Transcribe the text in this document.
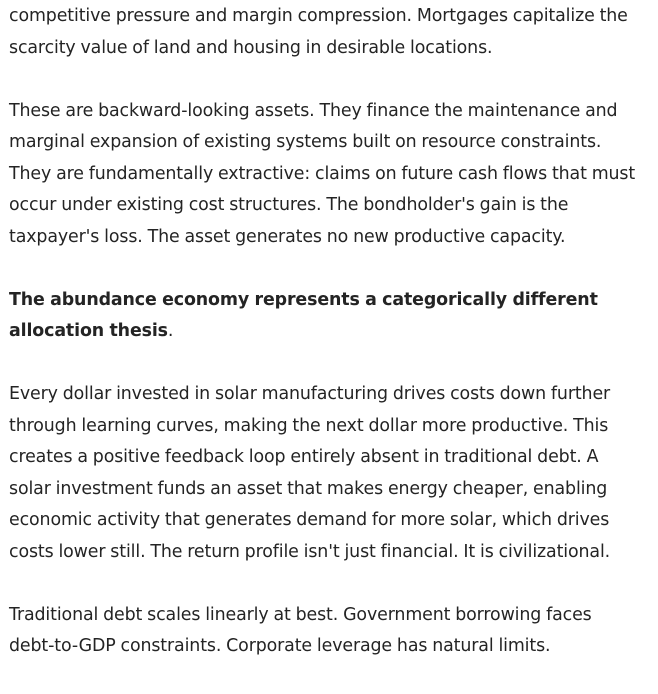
competitive pressure and margin compression. Mortgages capitalize the
scarcity value of land and housing in desirable locations.

These are backward-looking assets. They finance the maintenance and
marginal expansion of existing systems built on resource constraints.
They are fundamentally extractive: claims on future cash flows that must
occur under existing cost structures. The bondholder's gain is the
taxpayer's loss. The asset generates no new productive capacity.

The abundance economy represents a categorically different
allocation thesis.

Every dollar invested in solar manufacturing drives costs down further
through learning curves, making the next dollar more productive. This
creates a positive feedback loop entirely absent in traditional debt. A
solar investment funds an asset that makes energy cheaper, enabling
economic activity that generates demand for more solar, which drives
costs lower still. The return profile isn't just financial. It is civilizational.

Traditional debt scales linearly at best. Government borrowing faces
debt-to-GDP constraints. Corporate leverage has natural limits.
